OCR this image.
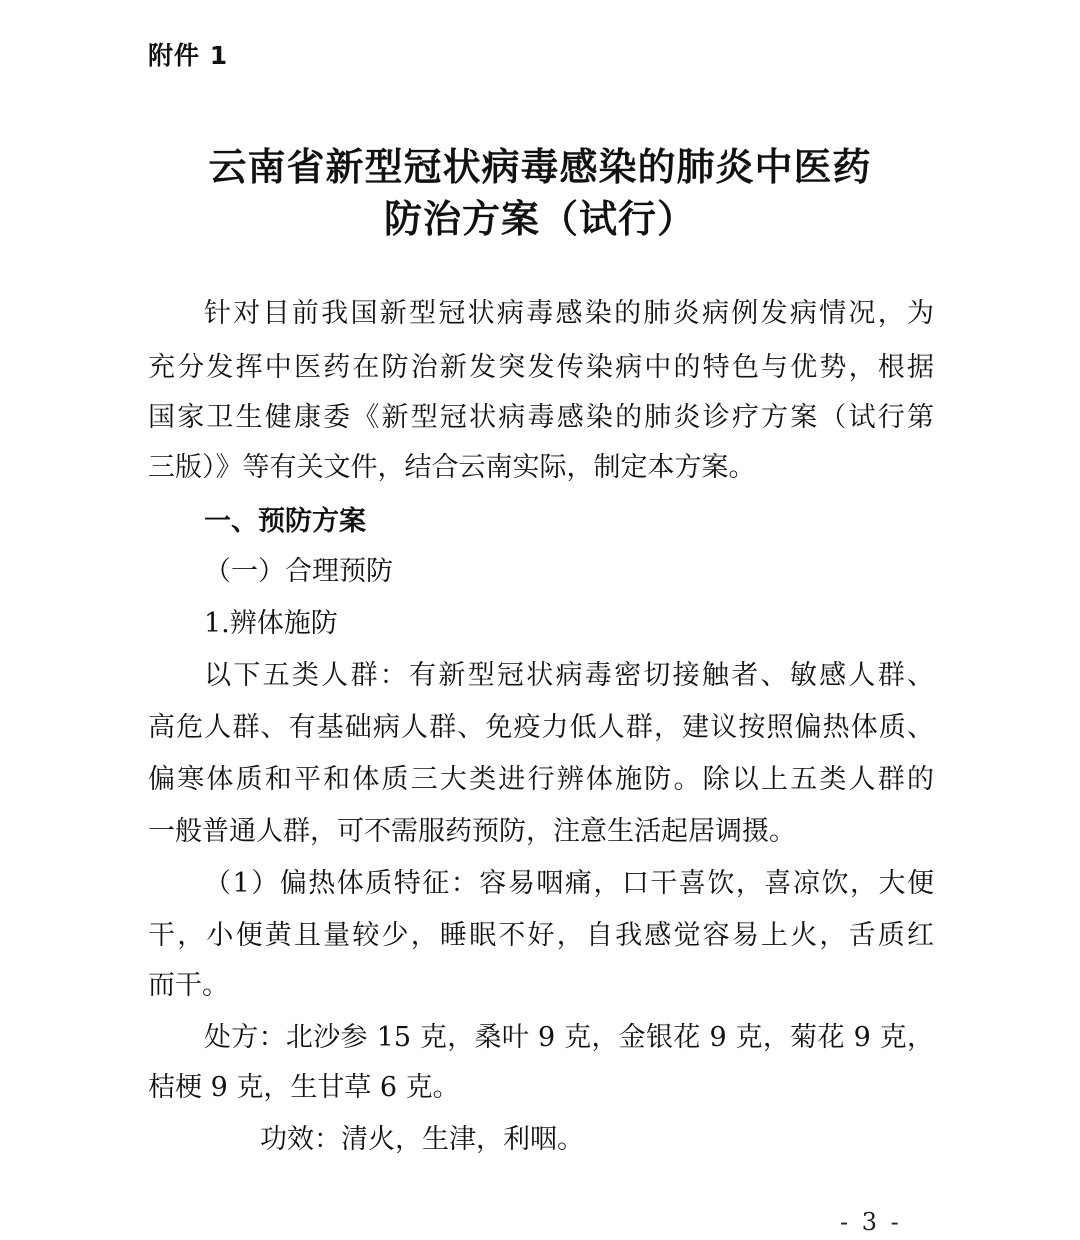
附件 1
云南省新型冠状病毒感染的肺炎中医药
防治方案（试行）
针对目前我国新型冠状病毒感染的肺炎病例发病情况，为
充分发挥中医药在防治新发突发传染病中的特色与优势，根据
国家卫生健康委《新型冠状病毒感染的肺炎诊疗方案（试行第
三版）》等有关文件，结合云南实际，制定本方案。
一、预防方案
（一）合理预防
1.辨体施防
以下五类人群：有新型冠状病毒密切接触者、敏感人群、
高危人群、有基础病人群、免疫力低人群，建议按照偏热体质、
偏寒体质和平和体质三大类进行辨体施防。除以上五类人群的
一般普通人群，可不需服药预防，注意生活起居调摄。
（1）偏热体质特征：容易咽痛，口干喜饮，喜凉饮，大便
干，小便黄且量较少，睡眠不好，自我感觉容易上火，舌质红
而干。
处方：北沙参 15 克，桑叶 9 克，金银花 9 克，菊花 9 克，
桔梗 9 克，生甘草 6 克。
功效：清火，生津，利咽。
- 3 -
